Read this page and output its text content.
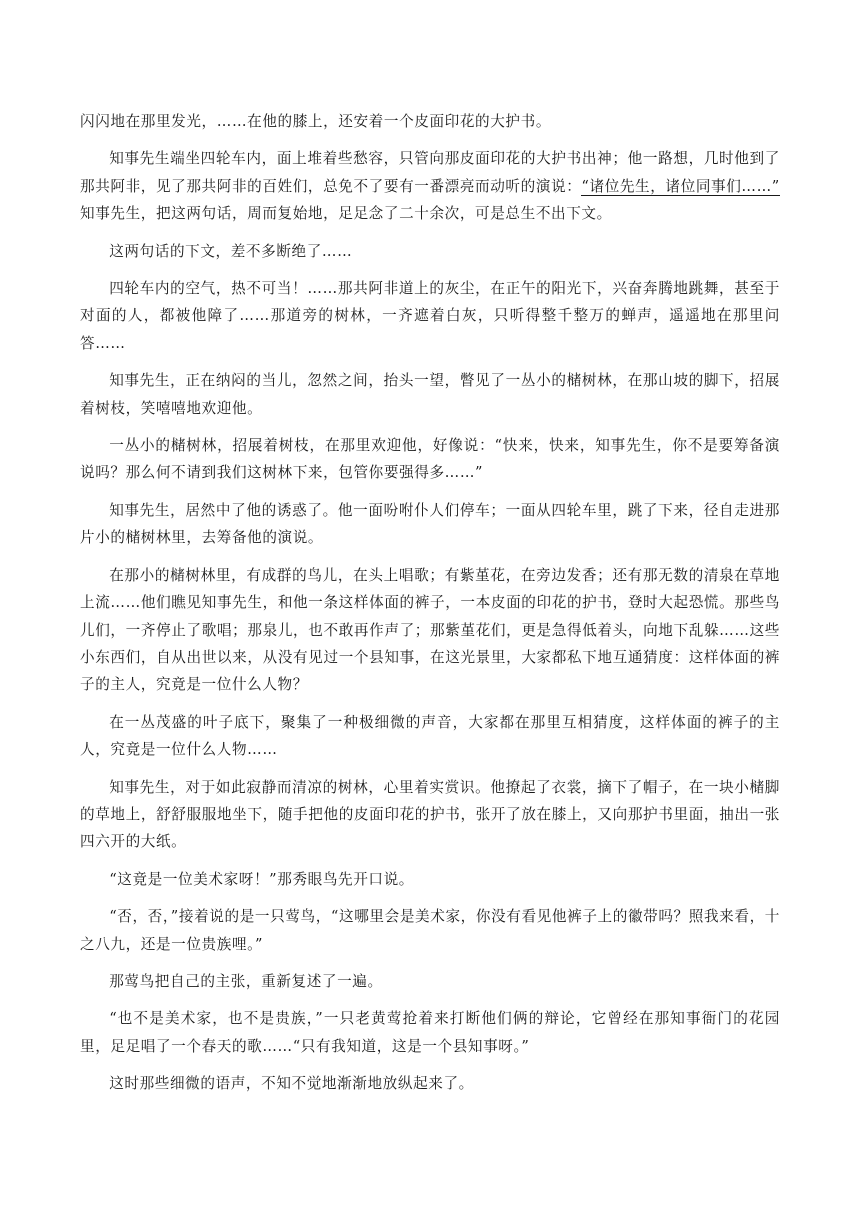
闪闪地在那里发光，……在他的膝上，还安着一个皮面印花的大护书。

知事先生端坐四轮车内，面上堆着些愁容，只管向那皮面印花的大护书出神；他一路想，几时他到了那共阿非，见了那共阿非的百姓们，总免不了要有一番漂亮而动听的演说：“诸位先生，诸位同事们……”

知事先生，把这两句话，周而复始地，足足念了二十余次，可是总生不出下文。

这两句话的下文，差不多断绝了……

四轮车内的空气，热不可当！……那共阿非道上的灰尘，在正午的阳光下，兴奋奔腾地跳舞，甚至于对面的人，都被他障了……那道旁的树林，一齐遮着白灰，只听得整千整万的蝉声，遥遥地在那里问答……

知事先生，正在纳闷的当儿，忽然之间，抬头一望，瞥见了一丛小的槠树林，在那山坡的脚下，招展着树枝，笑嘻嘻地欢迎他。

一丛小的槠树林，招展着树枝，在那里欢迎他，好像说：“快来，快来，知事先生，你不是要筹备演说吗？那么何不请到我们这树林下来，包管你要强得多……”

知事先生，居然中了他的诱惑了。他一面吩咐仆人们停车；一面从四轮车里，跳了下来，径自走进那片小的槠树林里，去筹备他的演说。

在那小的槠树林里，有成群的鸟儿，在头上唱歌；有紫堇花，在旁边发香；还有那无数的清泉在草地上流……他们瞧见知事先生，和他一条这样体面的裤子，一本皮面的印花的护书，登时大起恐慌。那些鸟儿们，一齐停止了歌唱；那泉儿，也不敢再作声了；那紫堇花们，更是急得低着头，向地下乱躲……这些小东西们，自从出世以来，从没有见过一个县知事，在这光景里，大家都私下地互通猜度：这样体面的裤子的主人，究竟是一位什么人物？

在一丛茂盛的叶子底下，聚集了一种极细微的声音，大家都在那里互相猜度，这样体面的裤子的主人，究竟是一位什么人物……

知事先生，对于如此寂静而清凉的树林，心里着实赏识。他撩起了衣裳，摘下了帽子，在一块小槠脚的草地上，舒舒服服地坐下，随手把他的皮面印花的护书，张开了放在膝上，又向那护书里面，抽出一张四六开的大纸。

“这竟是一位美术家呀！”那秀眼鸟先开口说。

“否，否，”接着说的是一只莺鸟，“这哪里会是美术家，你没有看见他裤子上的徽带吗？照我来看，十之八九，还是一位贵族哩。”

那莺鸟把自己的主张，重新复述了一遍。

“也不是美术家，也不是贵族，”一只老黄莺抢着来打断他们俩的辩论，它曾经在那知事衙门的花园里，足足唱了一个春天的歌……“只有我知道，这是一个县知事呀。”

这时那些细微的语声，不知不觉地渐渐地放纵起来了。
